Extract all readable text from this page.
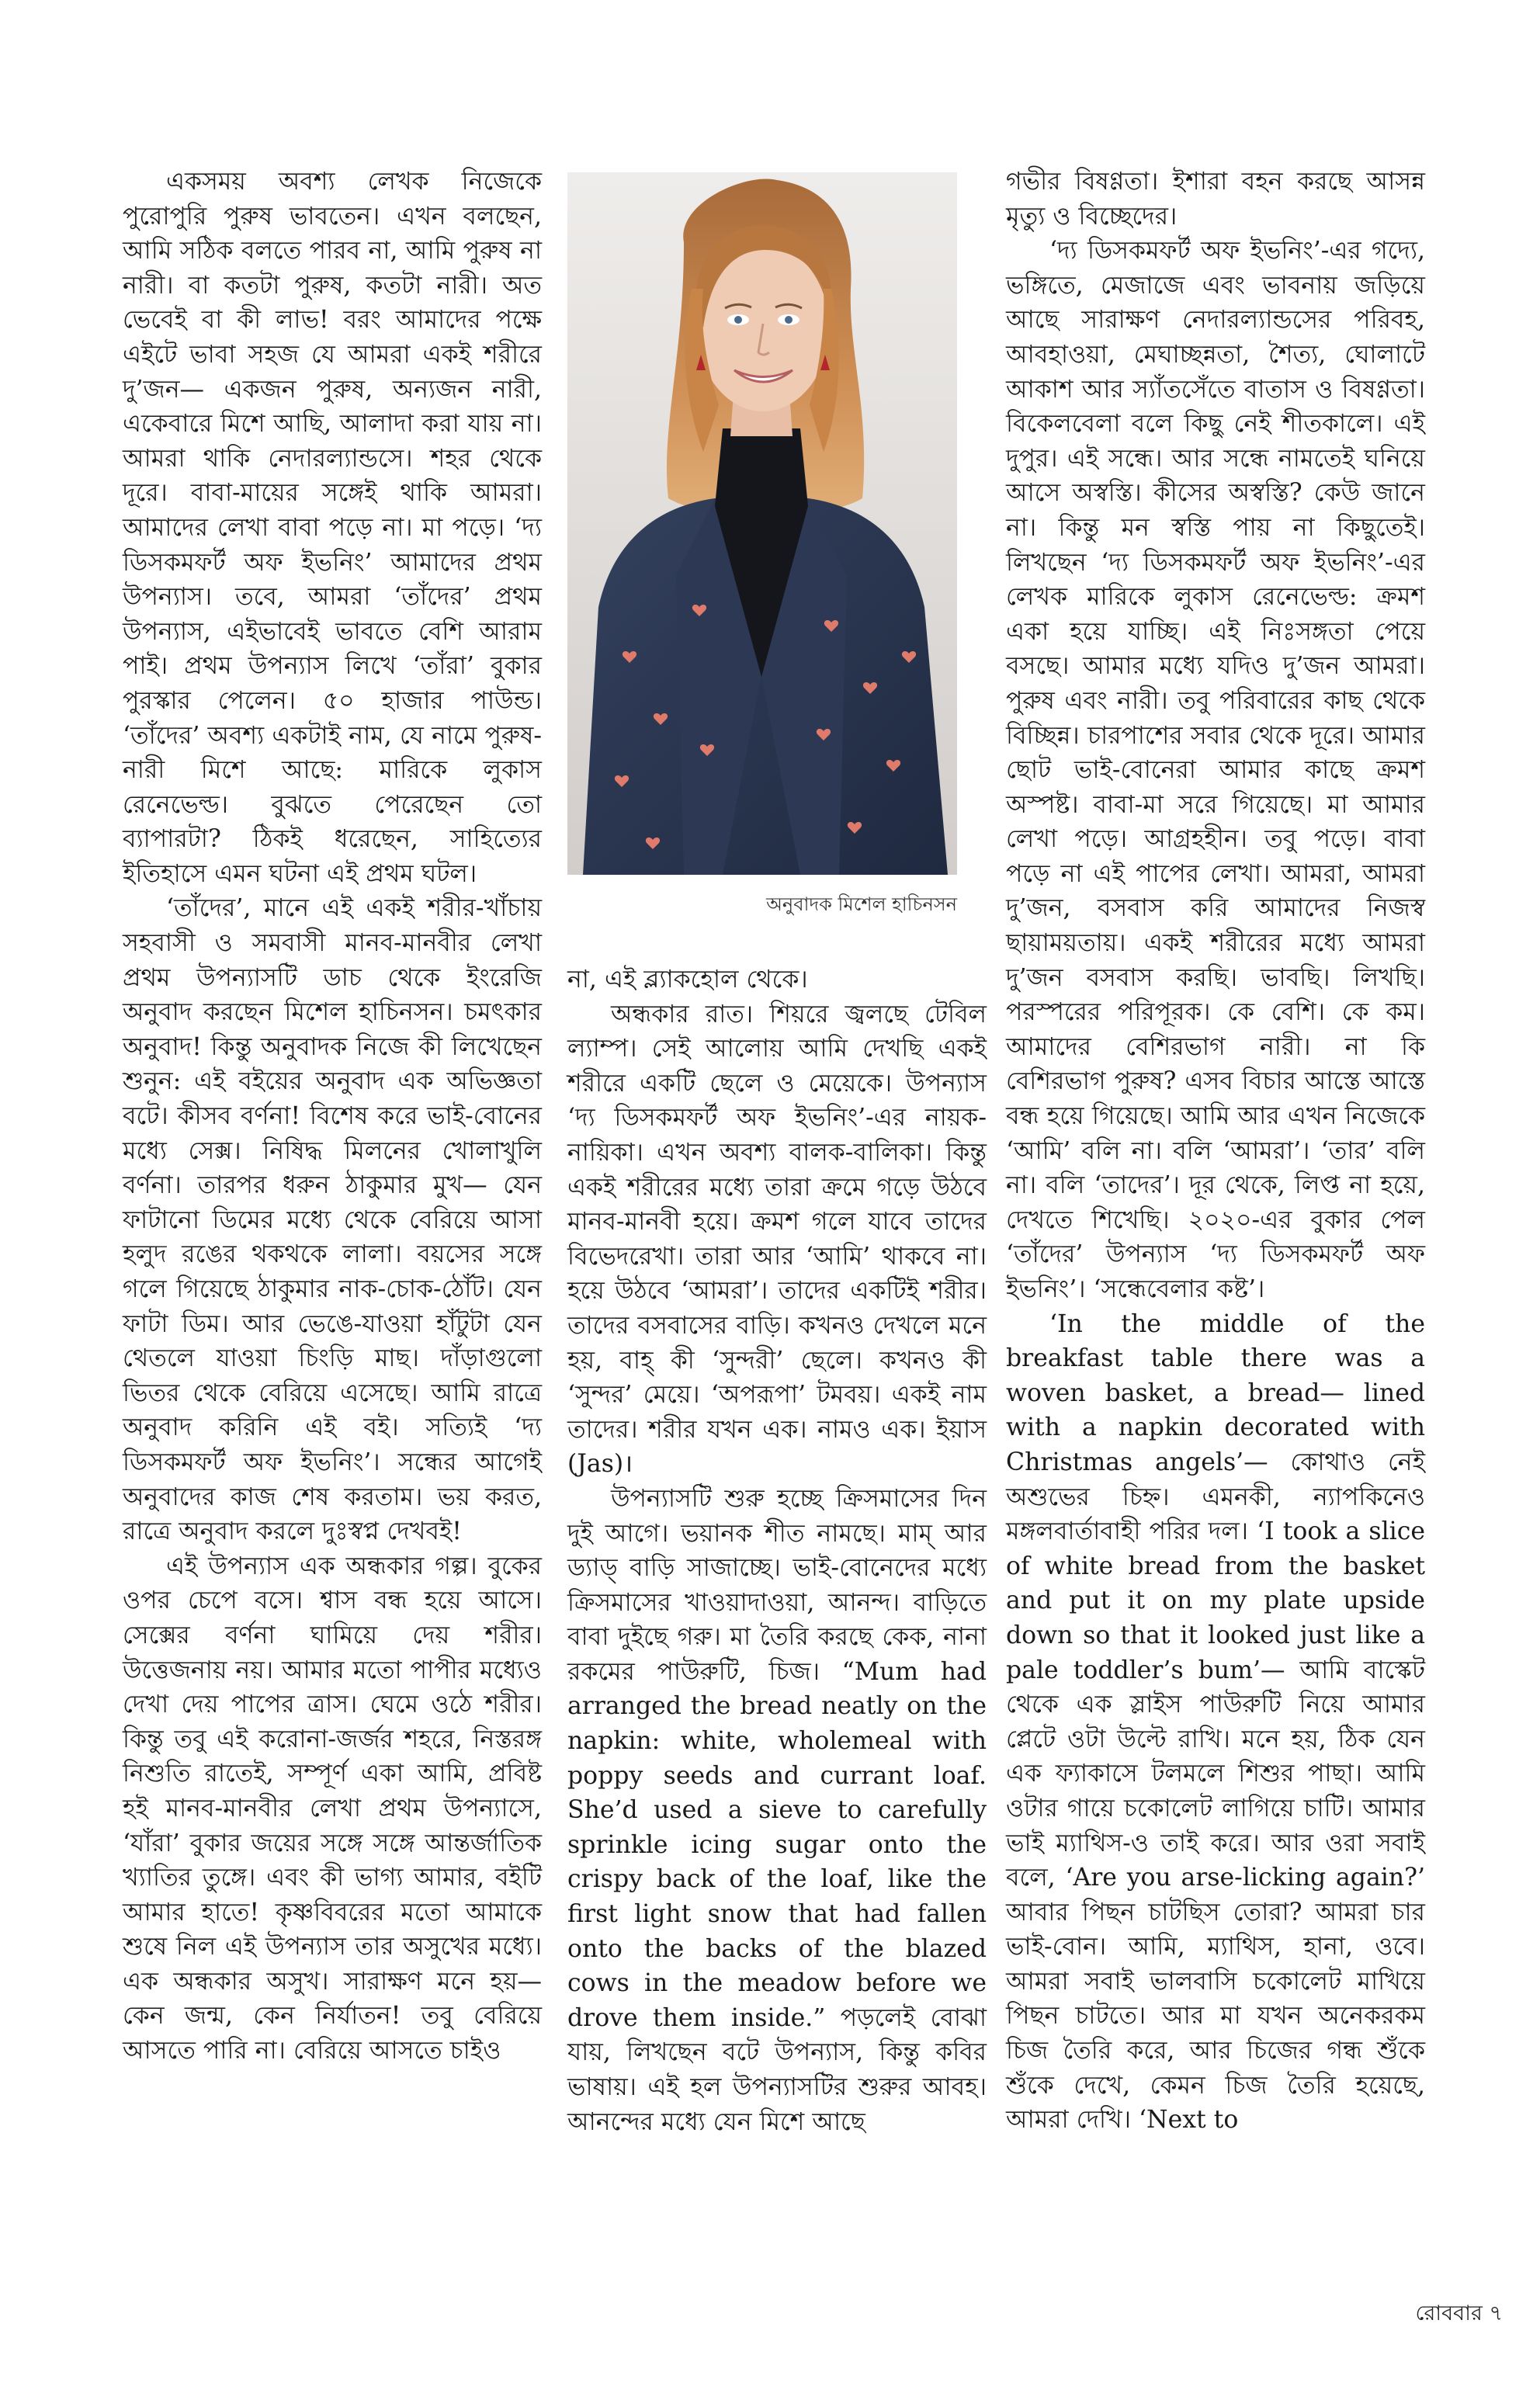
একসময় অবশ্য লেখক নিজেকে পুরোপুরি পুরুষ ভাবতেন। এখন বলছেন, আমি সঠিক বলতে পারব না, আমি পুরুষ না নারী। বা কতটা পুরুষ, কতটা নারী। অত ভেবেই বা কী লাভ! বরং আমাদের পক্ষে এইটে ভাবা সহজ যে আমরা একই শরীরে দু’জন— একজন পুরুষ, অন্যজন নারী, একেবারে মিশে আছি, আলাদা করা যায় না। আমরা থাকি নেদারল্যান্ডসে। শহর থেকে দূরে। বাবা-মায়ের সঙ্গেই থাকি আমরা। আমাদের লেখা বাবা পড়ে না। মা পড়ে। ‘দ্য ডিসকমফর্ট অফ ইভনিং’ আমাদের প্রথম উপন্যাস। তবে, আমরা ‘তাঁদের’ প্রথম উপন্যাস, এইভাবেই ভাবতে বেশি আরাম পাই। প্রথম উপন্যাস লিখে ‘তাঁরা’ বুকার পুরস্কার পেলেন। ৫০ হাজার পাউন্ড। ‘তাঁদের’ অবশ্য একটাই নাম, যে নামে পুরুষ-নারী মিশে আছে: মারিকে লুকাস রেনেভেল্ড। বুঝতে পেরেছেন তো ব্যাপারটা? ঠিকই ধরেছেন, সাহিত্যের ইতিহাসে এমন ঘটনা এই প্রথম ঘটল।

‘তাঁদের’, মানে এই একই শরীর-খাঁচায় সহবাসী ও সমবাসী মানব-মানবীর লেখা প্রথম উপন্যাসটি ডাচ থেকে ইংরেজি অনুবাদ করছেন মিশেল হাচিনসন। চমৎকার অনুবাদ! কিন্তু অনুবাদক নিজে কী লিখেছেন শুনুন: এই বইয়ের অনুবাদ এক অভিজ্ঞতা বটে। কীসব বর্ণনা! বিশেষ করে ভাই-বোনের মধ্যে সেক্স। নিষিদ্ধ মিলনের খোলাখুলি বর্ণনা। তারপর ধরুন ঠাকুমার মুখ— যেন ফাটানো ডিমের মধ্যে থেকে বেরিয়ে আসা হলুদ রঙের থকথকে লালা। বয়সের সঙ্গে গলে গিয়েছে ঠাকুমার নাক-চোক-ঠোঁট। যেন ফাটা ডিম। আর ভেঙে-যাওয়া হাঁটুটা যেন থেতলে যাওয়া চিংড়ি মাছ। দাঁড়াগুলো ভিতর থেকে বেরিয়ে এসেছে। আমি রাত্রে অনুবাদ করিনি এই বই। সত্যিই ‘দ্য ডিসকমফর্ট অফ ইভনিং’। সন্ধের আগেই অনুবাদের কাজ শেষ করতাম। ভয় করত, রাত্রে অনুবাদ করলে দুঃস্বপ্ন দেখবই!

এই উপন্যাস এক অন্ধকার গল্প। বুকের ওপর চেপে বসে। শ্বাস বন্ধ হয়ে আসে। সেক্সের বর্ণনা ঘামিয়ে দেয় শরীর। উত্তেজনায় নয়। আমার মতো পাপীর মধ্যেও দেখা দেয় পাপের ত্রাস। ঘেমে ওঠে শরীর। কিন্তু তবু এই করোনা-জর্জর শহরে, নিস্তরঙ্গ নিশুতি রাতেই, সম্পূর্ণ একা আমি, প্রবিষ্ট হই মানব-মানবীর লেখা প্রথম উপন্যাসে, ‘যাঁরা’ বুকার জয়ের সঙ্গে সঙ্গে আন্তর্জাতিক খ্যাতির তুঙ্গে। এবং কী ভাগ্য আমার, বইটি আমার হাতে! কৃষ্ণবিবরের মতো আমাকে শুষে নিল এই উপন্যাস তার অসুখের মধ্যে। এক অন্ধকার অসুখ। সারাক্ষণ মনে হয়— কেন জন্ম, কেন নির্যাতন! তবু বেরিয়ে আসতে পারি না। বেরিয়ে আসতে চাইও

অনুবাদক মিশেল হাচিনসন

না, এই ব্ল্যাকহোল থেকে।

অন্ধকার রাত। শিয়রে জ্বলছে টেবিল ল্যাম্প। সেই আলোয় আমি দেখছি একই শরীরে একটি ছেলে ও মেয়েকে। উপন্যাস ‘দ্য ডিসকমফর্ট অফ ইভনিং’-এর নায়ক-নায়িকা। এখন অবশ্য বালক-বালিকা। কিন্তু একই শরীরের মধ্যে তারা ক্রমে গড়ে উঠবে মানব-মানবী হয়ে। ক্রমশ গলে যাবে তাদের বিভেদরেখা। তারা আর ‘আমি’ থাকবে না। হয়ে উঠবে ‘আমরা’। তাদের একটিই শরীর। তাদের বসবাসের বাড়ি। কখনও দেখলে মনে হয়, বাহ্‌ কী ‘সুন্দরী’ ছেলে। কখনও কী ‘সুন্দর’ মেয়ে। ‘অপরূপা’ টমবয়। একই নাম তাদের। শরীর যখন এক। নামও এক। ইয়াস (Jas)।

উপন্যাসটি শুরু হচ্ছে ক্রিসমাসের দিন দুই আগে। ভয়ানক শীত নামছে। মাম্‌ আর ড্যাড্‌ বাড়ি সাজাচ্ছে। ভাই-বোনেদের মধ্যে ক্রিসমাসের খাওয়াদাওয়া, আনন্দ। বাড়িতে বাবা দুইছে গরু। মা তৈরি করছে কেক, নানা রকমের পাউরুটি, চিজ। “Mum had arranged the bread neatly on the napkin: white, wholemeal with poppy seeds and currant loaf. She’d used a sieve to carefully sprinkle icing sugar onto the crispy back of the loaf, like the first light snow that had fallen onto the backs of the blazed cows in the meadow before we drove them inside.” পড়লেই বোঝা যায়, লিখছেন বটে উপন্যাস, কিন্তু কবির ভাষায়। এই হল উপন্যাসটির শুরুর আবহ। আনন্দের মধ্যে যেন মিশে আছে

গভীর বিষণ্ণতা। ইশারা বহন করছে আসন্ন মৃত্যু ও বিচ্ছেদের।

‘দ্য ডিসকমফর্ট অফ ইভনিং’-এর গদ্যে, ভঙ্গিতে, মেজাজে এবং ভাবনায় জড়িয়ে আছে সারাক্ষণ নেদারল্যান্ডসের পরিবহ, আবহাওয়া, মেঘাচ্ছন্নতা, শৈত্য, ঘোলাটে আকাশ আর স্যাঁতসেঁতে বাতাস ও বিষণ্ণতা। বিকেলবেলা বলে কিছু নেই শীতকালে। এই দুপুর। এই সন্ধে। আর সন্ধে নামতেই ঘনিয়ে আসে অস্বস্তি। কীসের অস্বস্তি? কেউ জানে না। কিন্তু মন স্বস্তি পায় না কিছুতেই। লিখছেন ‘দ্য ডিসকমফর্ট অফ ইভনিং’-এর লেখক মারিকে লুকাস রেনেভেল্ড: ক্রমশ একা হয়ে যাচ্ছি। এই নিঃসঙ্গতা পেয়ে বসছে। আমার মধ্যে যদিও দু’জন আমরা। পুরুষ এবং নারী। তবু পরিবারের কাছ থেকে বিচ্ছিন্ন। চারপাশের সবার থেকে দূরে। আমার ছোট ভাই-বোনেরা আমার কাছে ক্রমশ অস্পষ্ট। বাবা-মা সরে গিয়েছে। মা আমার লেখা পড়ে। আগ্রহহীন। তবু পড়ে। বাবা পড়ে না এই পাপের লেখা। আমরা, আমরা দু’জন, বসবাস করি আমাদের নিজস্ব ছায়াময়তায়। একই শরীরের মধ্যে আমরা দু’জন বসবাস করছি। ভাবছি। লিখছি। পরস্পরের পরিপূরক। কে বেশি। কে কম। আমাদের বেশিরভাগ নারী। না কি বেশিরভাগ পুরুষ? এসব বিচার আস্তে আস্তে বন্ধ হয়ে গিয়েছে। আমি আর এখন নিজেকে ‘আমি’ বলি না। বলি ‘আমরা’। ‘তার’ বলি না। বলি ‘তাদের’। দূর থেকে, লিপ্ত না হয়ে, দেখতে শিখেছি। ২০২০-এর বুকার পেল ‘তাঁদের’ উপন্যাস ‘দ্য ডিসকমফর্ট অফ ইভনিং’। ‘সন্ধেবেলার কষ্ট’।

‘In the middle of the breakfast table there was a woven basket, a bread— lined with a napkin decorated with Christmas angels’— কোথাও নেই অশুভের চিহ্ন। এমনকী, ন্যাপকিনেও মঙ্গলবার্তাবাহী পরির দল। ‘I took a slice of white bread from the basket and put it on my plate upside down so that it looked just like a pale toddler’s bum’— আমি বাস্কেট থেকে এক স্লাইস পাউরুটি নিয়ে আমার প্লেটে ওটা উল্টে রাখি। মনে হয়, ঠিক যেন এক ফ্যাকাসে টলমলে শিশুর পাছা। আমি ওটার গায়ে চকোলেট লাগিয়ে চাটি। আমার ভাই ম্যাথিস-ও তাই করে। আর ওরা সবাই বলে, ‘Are you arse-licking again?’ আবার পিছন চাটছিস তোরা? আমরা চার ভাই-বোন। আমি, ম্যাথিস, হানা, ওবে। আমরা সবাই ভালবাসি চকোলেট মাখিয়ে পিছন চাটতে। আর মা যখন অনেকরকম চিজ তৈরি করে, আর চিজের গন্ধ শুঁকে শুঁকে দেখে, কেমন চিজ তৈরি হয়েছে, আমরা দেখি। ‘Next to

রোববার ৭
